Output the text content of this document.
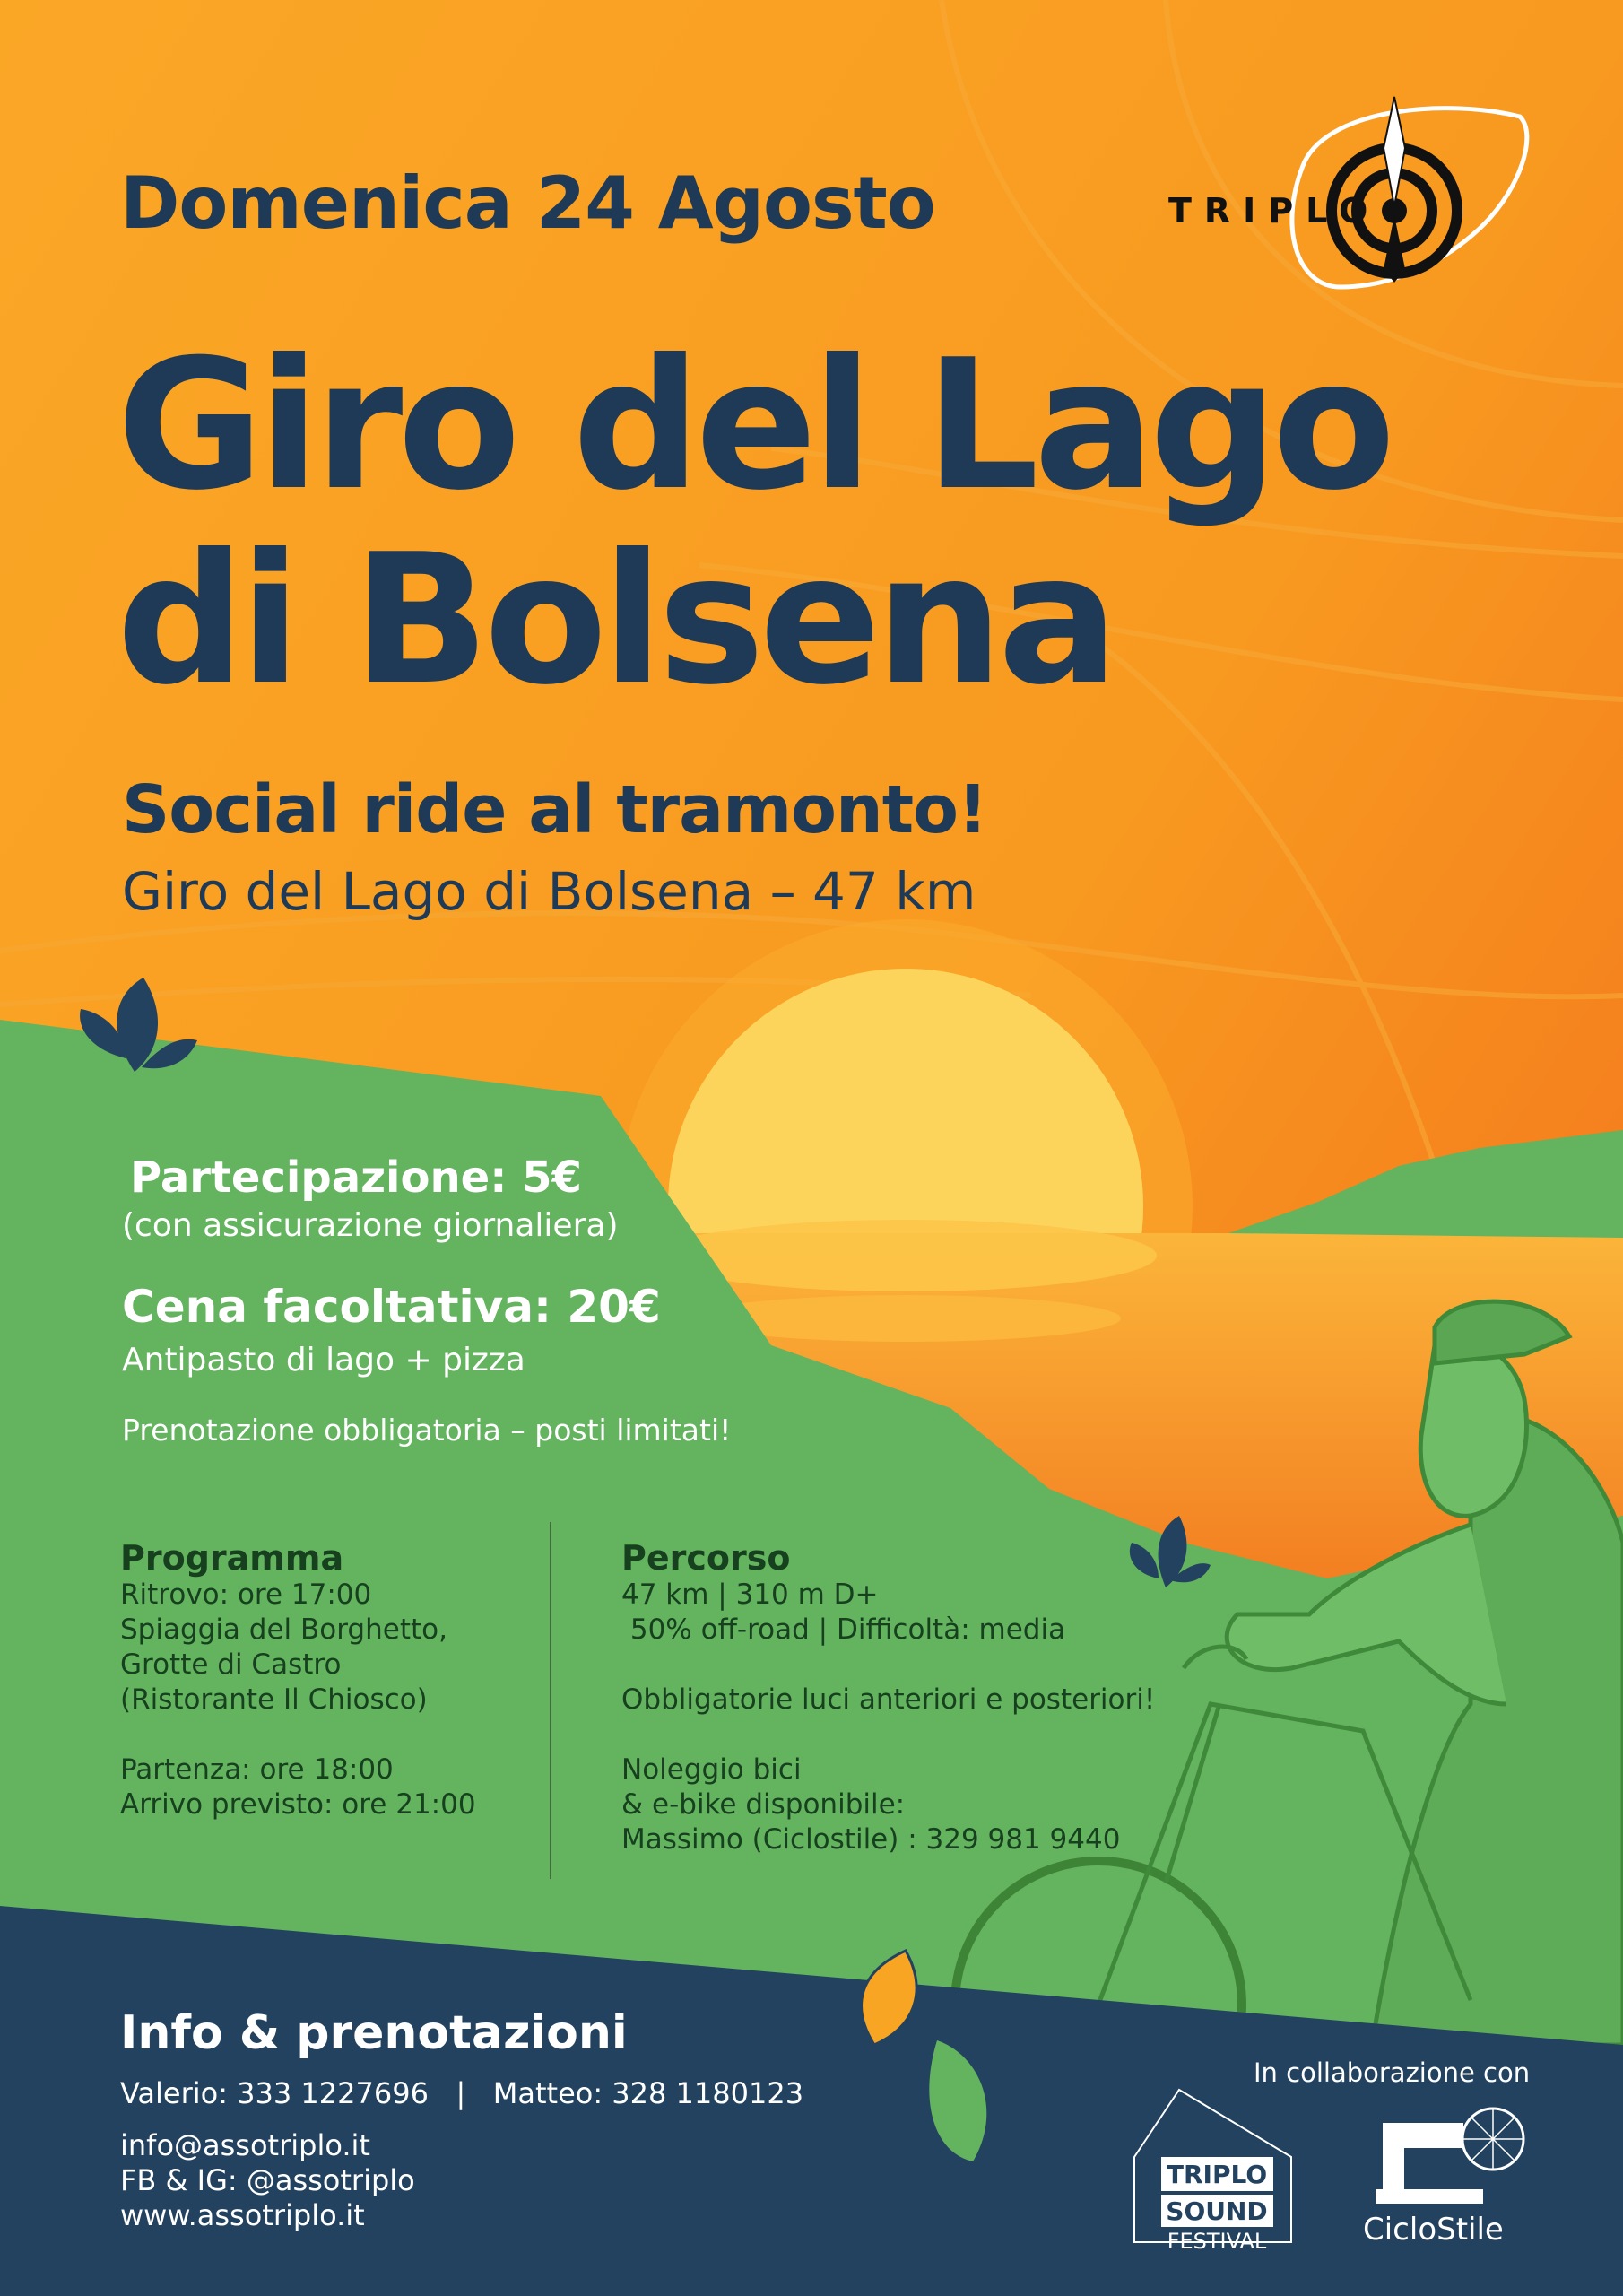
TRIPLO
Domenica 24 Agosto
Giro del Lago
di Bolsena
Social ride al tramonto!
Giro del Lago di Bolsena – 47 km
Partecipazione: 5€
(con assicurazione giornaliera)
Cena facoltativa: 20€
Antipasto di lago + pizza
Prenotazione obbligatoria – posti limitati!
Programma
Ritrovo: ore 17:00
Spiaggia del Borghetto,
Grotte di Castro
(Ristorante Il Chiosco)
Partenza: ore 18:00
Arrivo previsto: ore 21:00
Percorso
47 km | 310 m D+
50% off-road | Difficoltà: media
Obbligatorie luci anteriori e posteriori!
Noleggio bici
& e-bike disponibile:
Massimo (Ciclostile) : 329 981 9440
Info & prenotazioni
Valerio: 333 1227696   |   Matteo: 328 1180123
info@assotriplo.it
FB & IG: @assotriplo
www.assotriplo.it
In collaborazione con
TRIPLO
SOUND
FESTIVAL	CicloStile
